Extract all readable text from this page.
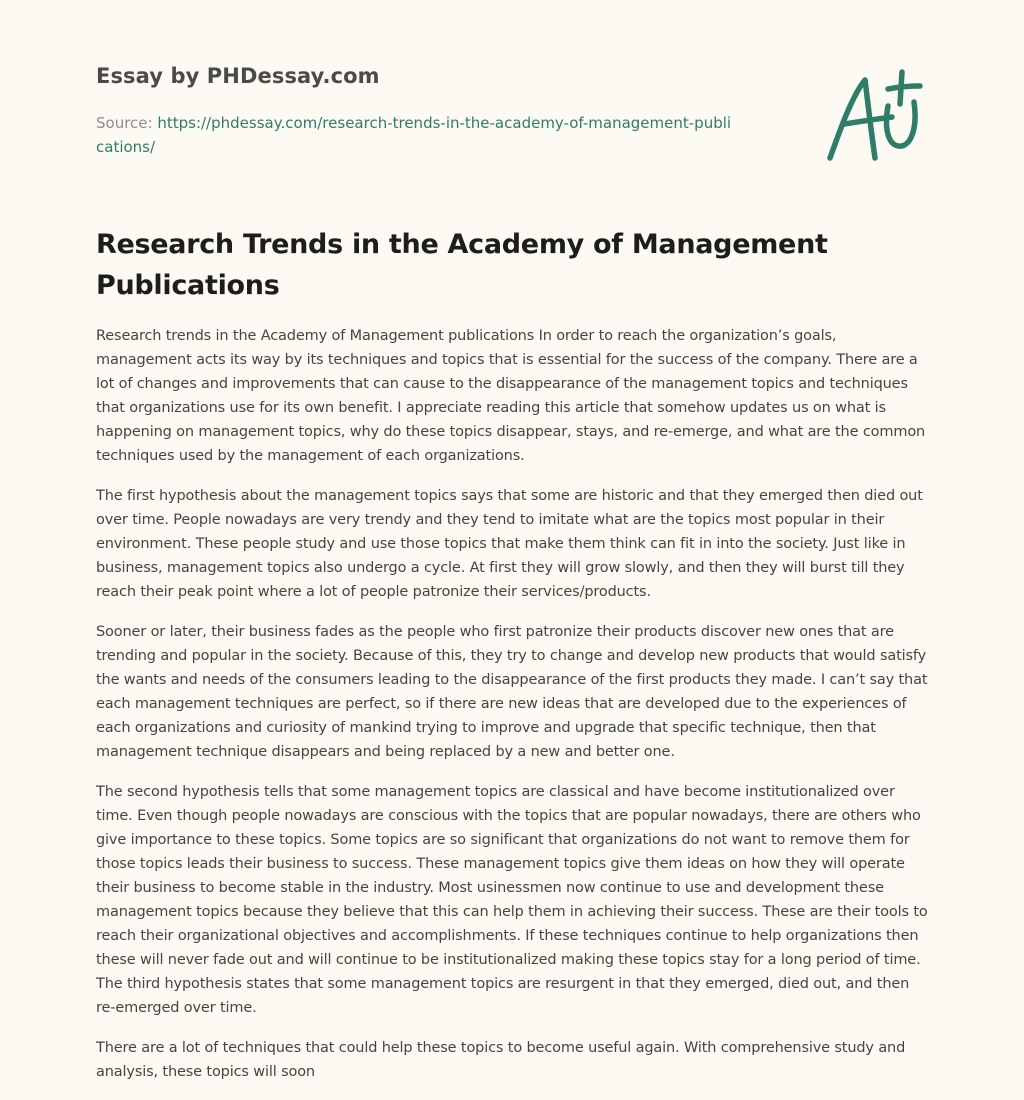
Essay by PHDessay.com

Source: https://phdessay.com/research-trends-in-the-academy-of-management-publications/

Research Trends in the Academy of Management Publications

Research trends in the Academy of Management publications In order to reach the organization’s goals, management acts its way by its techniques and topics that is essential for the success of the company. There are a lot of changes and improvements that can cause to the disappearance of the management topics and techniques that organizations use for its own benefit. I appreciate reading this article that somehow updates us on what is happening on management topics, why do these topics disappear, stays, and re-emerge, and what are the common techniques used by the management of each organizations.

The first hypothesis about the management topics says that some are historic and that they emerged then died out over time. People nowadays are very trendy and they tend to imitate what are the topics most popular in their environment. These people study and use those topics that make them think can fit in into the society. Just like in business, management topics also undergo a cycle. At first they will grow slowly, and then they will burst till they reach their peak point where a lot of people patronize their services/products.

Sooner or later, their business fades as the people who first patronize their products discover new ones that are trending and popular in the society. Because of this, they try to change and develop new products that would satisfy the wants and needs of the consumers leading to the disappearance of the first products they made. I can’t say that each management techniques are perfect, so if there are new ideas that are developed due to the experiences of each organizations and curiosity of mankind trying to improve and upgrade that specific technique, then that management technique disappears and being replaced by a new and better one.

The second hypothesis tells that some management topics are classical and have become institutionalized over time. Even though people nowadays are conscious with the topics that are popular nowadays, there are others who give importance to these topics. Some topics are so significant that organizations do not want to remove them for those topics leads their business to success. These management topics give them ideas on how they will operate their business to become stable in the industry. Most usinessmen now continue to use and development these management topics because they believe that this can help them in achieving their success. These are their tools to reach their organizational objectives and accomplishments. If these techniques continue to help organizations then these will never fade out and will continue to be institutionalized making these topics stay for a long period of time. The third hypothesis states that some management topics are resurgent in that they emerged, died out, and then re-emerged over time.

There are a lot of techniques that could help these topics to become useful again. With comprehensive study and analysis, these topics will soon
